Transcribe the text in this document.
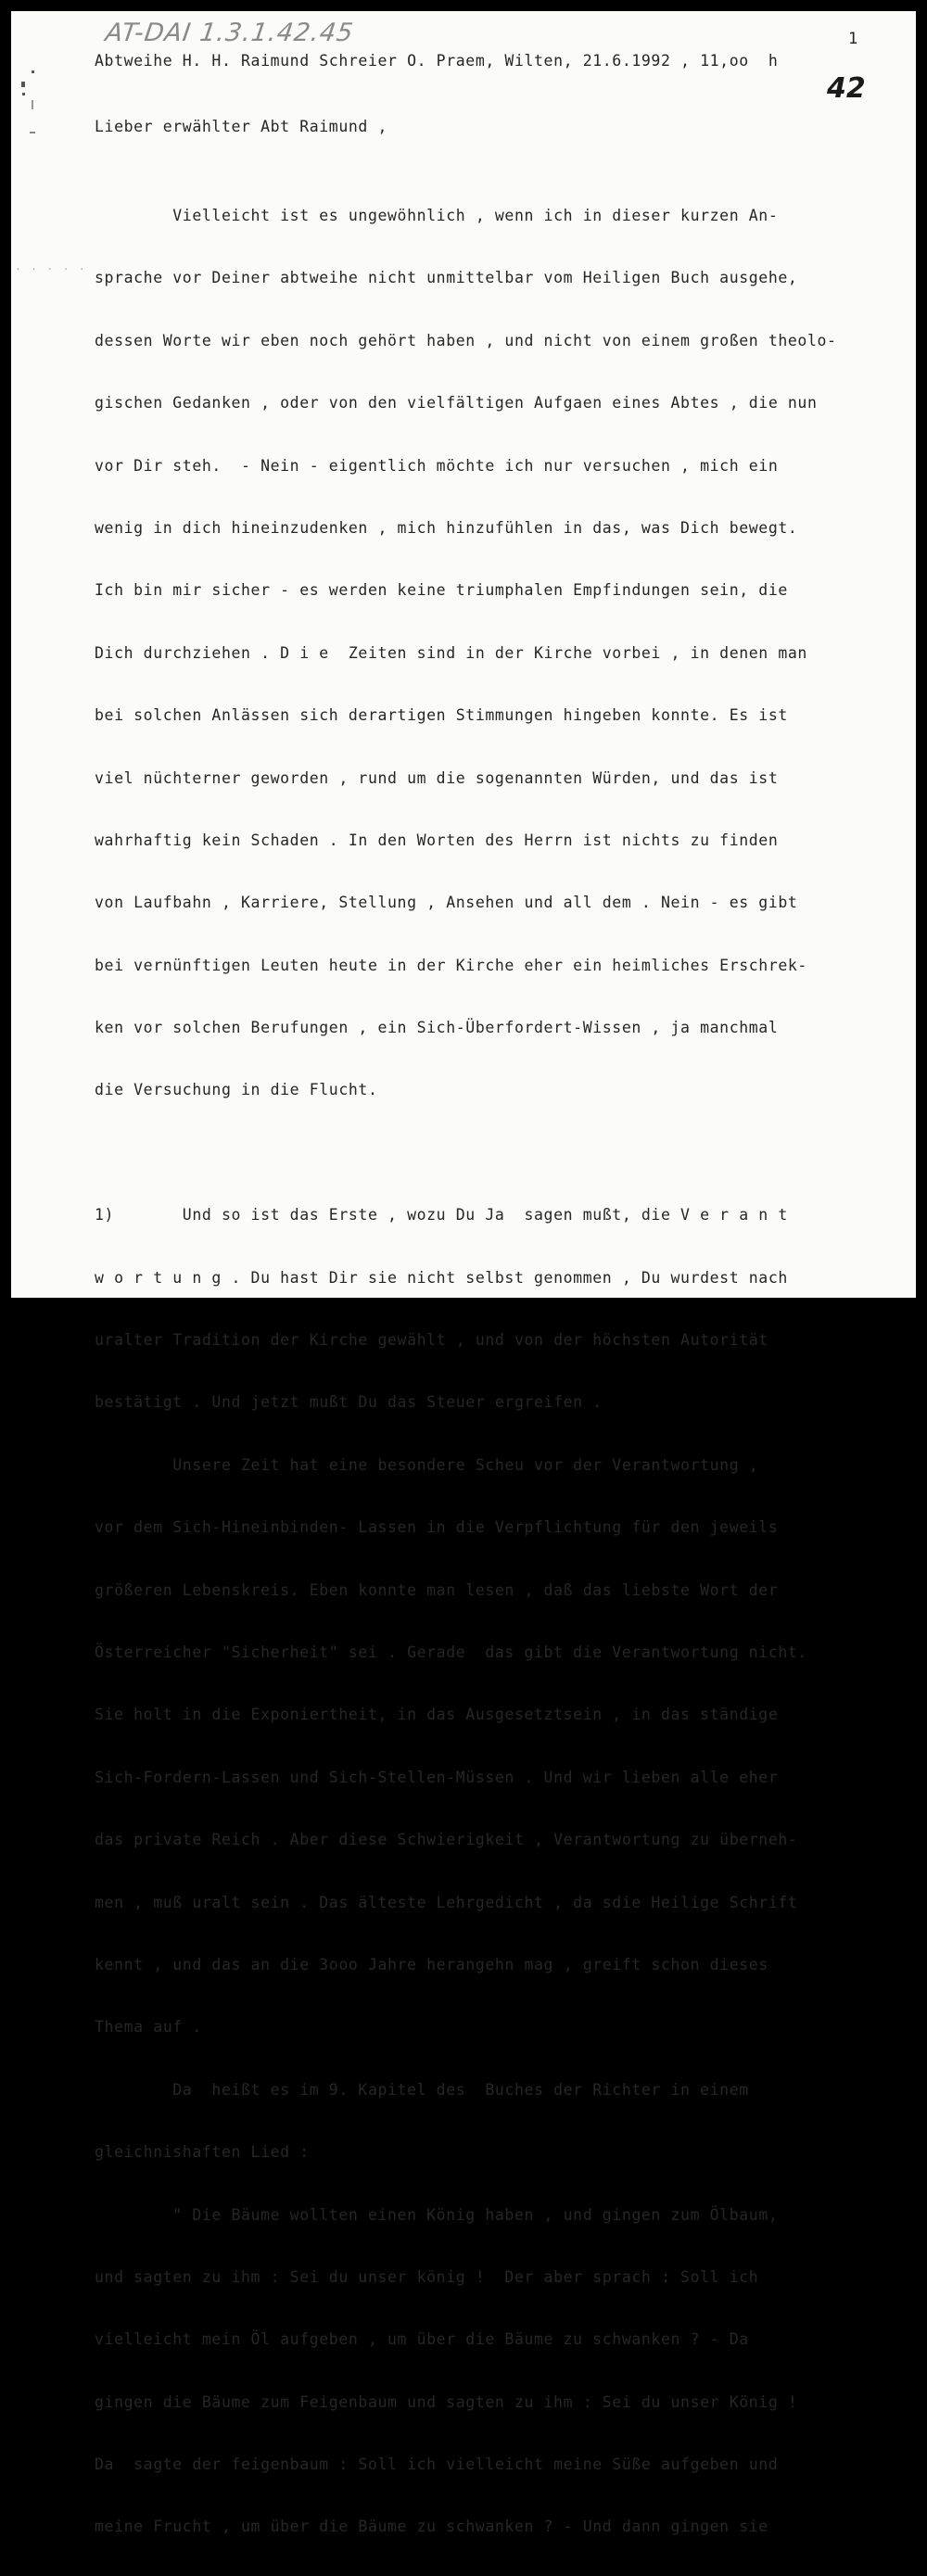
AT-DAI 1.3.1.42.45	1

42

· · · · ·

Abtweihe H. H. Raimund Schreier O. Praem, Wilten, 21.6.1992 , 11,oo  h

Lieber erwählter Abt Raimund ,

Vielleicht ist es ungewöhnlich , wenn ich in dieser kurzen An-

sprache vor Deiner abtweihe nicht unmittelbar vom Heiligen Buch ausgehe,

dessen Worte wir eben noch gehört haben , und nicht von einem großen theolo-

gischen Gedanken , oder von den vielfältigen Aufgaen eines Abtes , die nun

vor Dir steh.  - Nein - eigentlich möchte ich nur versuchen , mich ein

wenig in dich hineinzudenken , mich hinzufühlen in das, was Dich bewegt.

Ich bin mir sicher - es werden keine triumphalen Empfindungen sein, die

Dich durchziehen . D i e  Zeiten sind in der Kirche vorbei , in denen man

bei solchen Anlässen sich derartigen Stimmungen hingeben konnte. Es ist

viel nüchterner geworden , rund um die sogenannten Würden, und das ist

wahrhaftig kein Schaden . In den Worten des Herrn ist nichts zu finden

von Laufbahn , Karriere, Stellung , Ansehen und all dem . Nein - es gibt

bei vernünftigen Leuten heute in der Kirche eher ein heimliches Erschrek-

ken vor solchen Berufungen , ein Sich-Überfordert-Wissen , ja manchmal

die Versuchung in die Flucht.

1)       Und so ist das Erste , wozu Du Ja  sagen mußt, die V e r a n t

w o r t u n g . Du hast Dir sie nicht selbst genommen , Du wurdest nach

uralter Tradition der Kirche gewählt , und von der höchsten Autorität

bestätigt . Und jetzt mußt Du das Steuer ergreifen .

Unsere Zeit hat eine besondere Scheu vor der Verantwortung ,

vor dem Sich-Hineinbinden- Lassen in die Verpflichtung für den jeweils

größeren Lebenskreis. Eben konnte man lesen , daß das liebste Wort der

Österreicher "Sicherheit" sei . Gerade  das gibt die Verantwortung nicht.

Sie holt in die Exponiertheit, in das Ausgesetztsein , in das ständige

Sich-Fordern-Lassen und Sich-Stellen-Müssen . Und wir lieben alle eher

das private Reich . Aber diese Schwierigkeit , Verantwortung zu überneh-

men , muß uralt sein . Das älteste Lehrgedicht , da sdie Heilige Schrift

kennt , und das an die 3ooo Jahre herangehn mag , greift schon dieses

Thema auf .

Da  heißt es im 9. Kapitel des  Buches der Richter in einem

gleichnishaften Lied :

" Die Bäume wollten einen König haben , und gingen zum Ölbaum,

und sagten zu ihm : Sei du unser könig !  Der aber sprach : Soll ich

vielleicht mein Öl aufgeben , um über die Bäume zu schwanken ? - Da

gingen die Bäume zum Feigenbaum und sagten zu ihm : Sei du unser König !

Da  sagte der feigenbaum : Soll ich vielleicht meine Süße aufgeben und

meine Frucht , um über die Bäume zu schwanken ? - Und dann gingen sie
